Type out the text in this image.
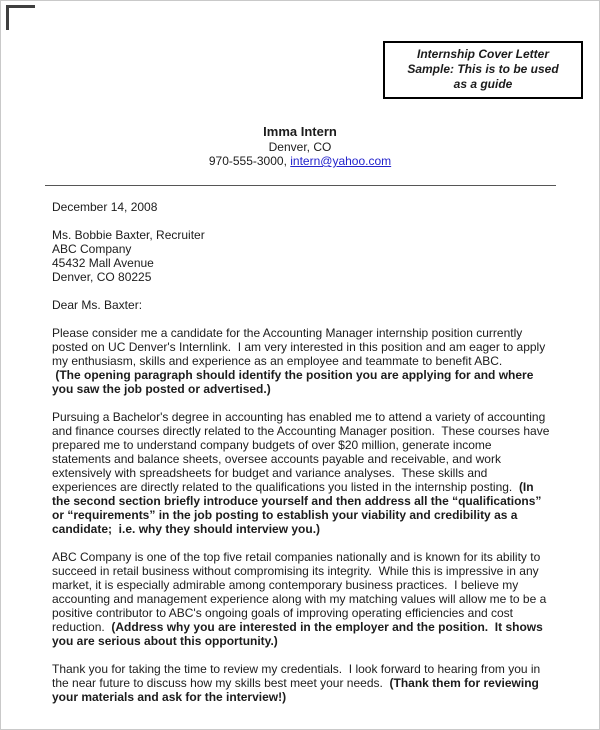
Internship Cover Letter
Sample: This is to be used
as a guide
Imma Intern
Denver, CO
970-555-3000, intern@yahoo.com

December 14, 2008

Ms. Bobbie Baxter, Recruiter
ABC Company
45432 Mall Avenue
Denver, CO 80225

Dear Ms. Baxter:

Please consider me a candidate for the Accounting Manager internship position currently posted on UC Denver's Internlink.  I am very interested in this position and am eager to apply my enthusiasm, skills and experience as an employee and teammate to benefit ABC.
(The opening paragraph should identify the position you are applying for and where you saw the job posted or advertised.)

Pursuing a Bachelor's degree in accounting has enabled me to attend a variety of accounting and finance courses directly related to the Accounting Manager position.  These courses have prepared me to understand company budgets of over $20 million, generate income statements and balance sheets, oversee accounts payable and receivable, and work extensively with spreadsheets for budget and variance analyses.  These skills and experiences are directly related to the qualifications you listed in the internship posting.  (In the second section briefly introduce yourself and then address all the “qualifications” or “requirements” in the job posting to establish your viability and credibility as a candidate;  i.e. why they should interview you.)

ABC Company is one of the top five retail companies nationally and is known for its ability to succeed in retail business without compromising its integrity.  While this is impressive in any market, it is especially admirable among contemporary business practices.  I believe my accounting and management experience along with my matching values will allow me to be a positive contributor to ABC's ongoing goals of improving operating efficiencies and cost reduction.  (Address why you are interested in the employer and the position.  It shows you are serious about this opportunity.)

Thank you for taking the time to review my credentials.  I look forward to hearing from you in the near future to discuss how my skills best meet your needs.  (Thank them for reviewing your materials and ask for the interview!)
